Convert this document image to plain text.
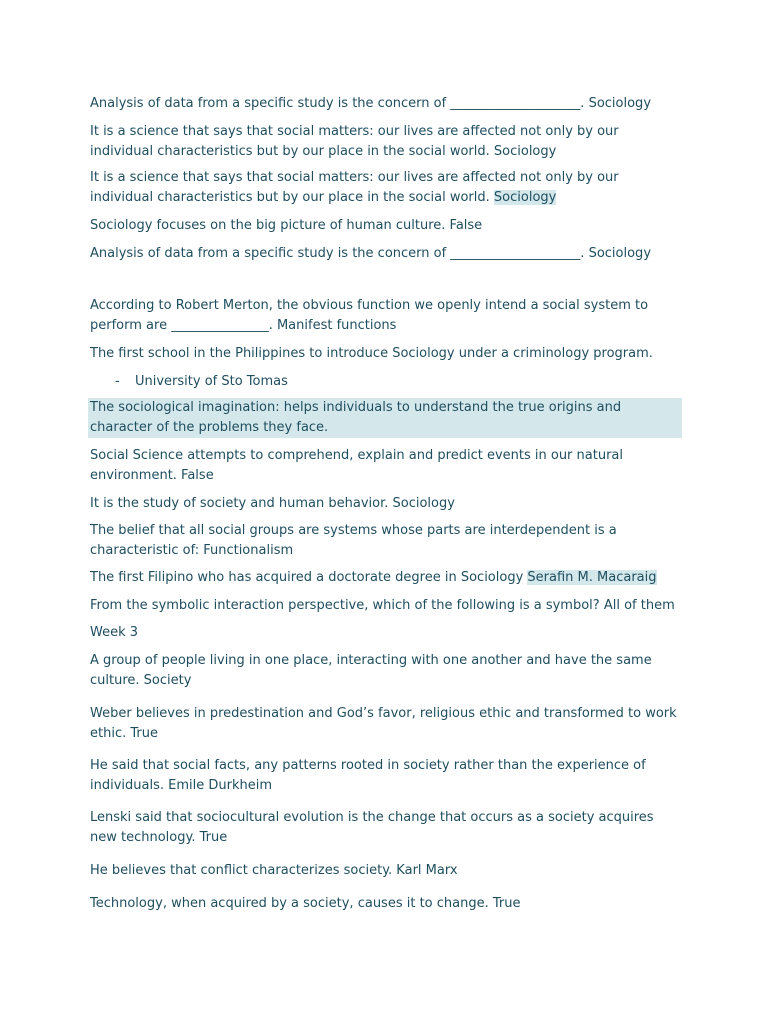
Analysis of data from a specific study is the concern of ____________________. Sociology

It is a science that says that social matters: our lives are affected not only by our individual characteristics but by our place in the social world. Sociology

It is a science that says that social matters: our lives are affected not only by our individual characteristics but by our place in the social world. Sociology

Sociology focuses on the big picture of human culture. False

Analysis of data from a specific study is the concern of ____________________. Sociology

According to Robert Merton, the obvious function we openly intend a social system to perform are _______________. Manifest functions

The first school in the Philippines to introduce Sociology under a criminology program.

- University of Sto Tomas

The sociological imagination: helps individuals to understand the true origins and character of the problems they face.

Social Science attempts to comprehend, explain and predict events in our natural environment. False

It is the study of society and human behavior. Sociology

The belief that all social groups are systems whose parts are interdependent is a characteristic of: Functionalism

The first Filipino who has acquired a doctorate degree in Sociology Serafin M. Macaraig

From the symbolic interaction perspective, which of the following is a symbol? All of them

Week 3

A group of people living in one place, interacting with one another and have the same culture. Society

Weber believes in predestination and God’s favor, religious ethic and transformed to work ethic. True

He said that social facts, any patterns rooted in society rather than the experience of individuals. Emile Durkheim

Lenski said that sociocultural evolution is the change that occurs as a society acquires new technology. True

He believes that conflict characterizes society. Karl Marx

Technology, when acquired by a society, causes it to change. True
